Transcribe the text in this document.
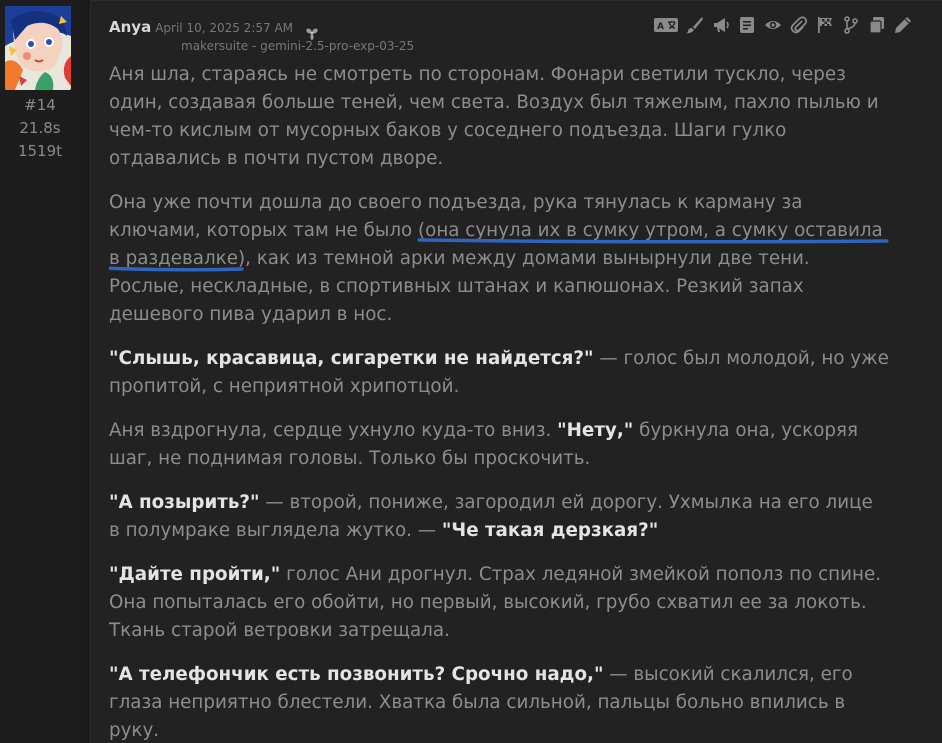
#14
21.8s
1519t
Anya April 10, 2025 2:57 AM
makersuite - gemini-2.5-pro-exp-03-25
A

Аня шла, стараясь не смотреть по сторонам. Фонари светили тускло, через один, создавая больше теней, чем света. Воздух был тяжелым, пахло пылью и чем-то кислым от мусорных баков у соседнего подъезда. Шаги гулко отдавались в почти пустом дворе.

Она уже почти дошла до своего подъезда, рука тянулась к карману за ключами, которых там не было (она сунула их в сумку утром, а сумку оставила в раздевалке), как из темной арки между домами вынырнули две тени. Рослые, нескладные, в спортивных штанах и капюшонах. Резкий запах дешевого пива ударил в нос.

"Слышь, красавица, сигаретки не найдется?" — голос был молодой, но уже пропитой, с неприятной хрипотцой.

Аня вздрогнула, сердце ухнуло куда-то вниз. "Нету," буркнула она, ускоряя шаг, не поднимая головы. Только бы проскочить.

"А позырить?" — второй, пониже, загородил ей дорогу. Ухмылка на его лице в полумраке выглядела жутко. — "Че такая дерзкая?"

"Дайте пройти," голос Ани дрогнул. Страх ледяной змейкой пополз по спине. Она попыталась его обойти, но первый, высокий, грубо схватил ее за локоть. Ткань старой ветровки затрещала.

"А телефончик есть позвонить? Срочно надо," — высокий скалился, его глаза неприятно блестели. Хватка была сильной, пальцы больно впились в руку.
